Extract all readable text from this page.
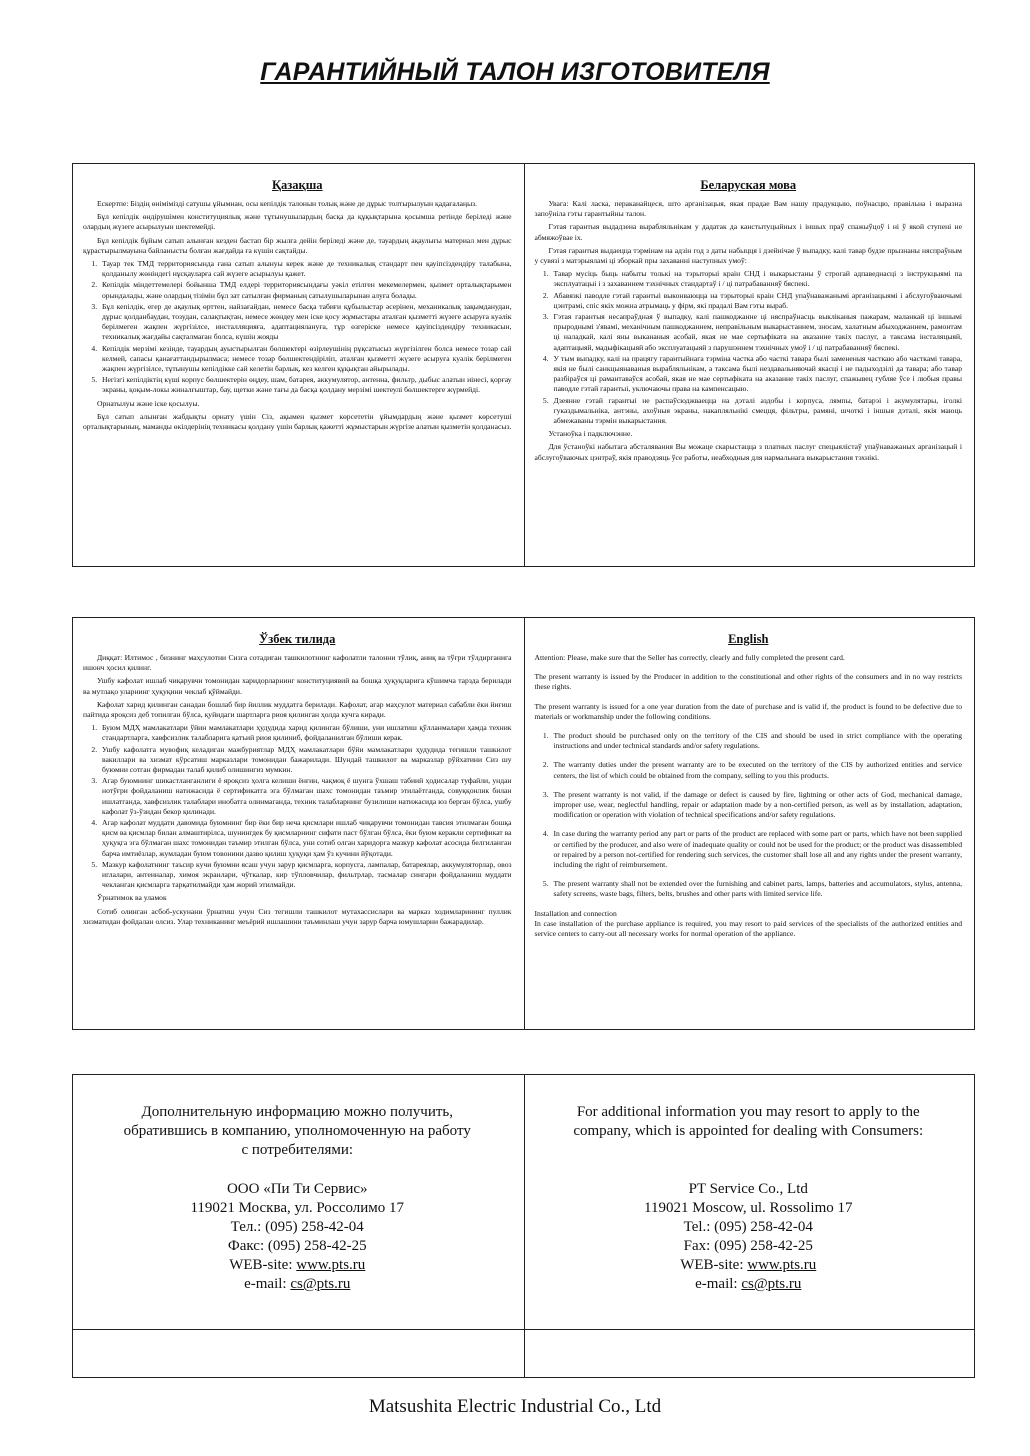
ГАРАНТИЙНЫЙ ТАЛОН ИЗГОТОВИТЕЛЯ
Қазақша

Ескертпе: Біздің өнімімізді сатушы ұйымнан, осы кепілдік талонын толық және де дұрыс толтырылуын қадағалаңыз.

Бұл кепілдік өндірушімен конституциялық және тұтынушылардың басқа да құқықтарына қосымша ретінде беріледі және олардың жүзеге асырылуын шектемейді.

Бұл кепілдік бұйым сатып алынған кезден бастап бір жылға дейін беріледі және де, тауардың ақаулығы материал мен дұрыс құрастырылмауына байланысты болған жағдайда ға күшін сақтайды.

1. Тауар тек ТМД территориясында ғана сатып алынуы керек және де техникалық стандарт пен қауіпсіздендіру талабына, қолданылу жөніндегі нұсқауларға сай жүзеге асырылуы қажет.
2. Кепілдік міндеттемелері бойынша ТМД елдері территориясындағы уәкіл етілген мекемелермен, қызмет орталықтарымен орындалады, және олардың тізімін бұл зат сатылған фирманың сатылушыларынан алуға болады.
3. Бұл кепілдік, егер де ақаулық өрттен, найзағайдан, немесе басқа табиғи құбылыстар әсерінен, механикалық зақымданудан, дұрыс қолданбаудан, тозудан, салақтықтан, немесе жөндеу мен іске қосу жұмыстары аталған қызметті жүзеге асыруға куәлік берілмеген жақпен жүргізілсе, инсталляцияға, адаптациялануға, тұр өзгеріске немесе қауіпсіздендіру техникасын, техникалық жағдайы сақталмаған болса, күшін жояды
4. Кепілдік мерзімі кезінде, тауардың ауыстырылған бөлшектері өзірлеушінің рұқсатысыз жүргізілген болса немесе тозар сай келмей, сапасы қанағаттандырылмаса; немесе тозар бөлшектендіріліп, аталған қызметті жүзеге асыруға куәлік берілмеген жақпен жүргізілсе, тұтынушы кепілдікке сай келетін барлық, кез келген құқықтан айырылады.
5. Негізгі кепілдіктің күші корпус бөлшектерін өңдеу, шам, батарея, аккумулятор, антенна, фильтр, дыбыс алатын иінесі, қорғау экраны, қоқым-локы жиналғыштар, бау, щетки және тағы да басқа қолдану мерзімі шектеулі бөлшектерге жүрмейді.

Орнатылуы және іске қосылуы.

Бұл сатып алынған жабдықты орнату үшін Сіз, ақымен қызмет көрсететін ұйымдардың және қызмет көрсетуші орталықтарының, маманды өкілдерінің техникасы қолдану үшін барлық қажетті жұмыстарын жүргізе алатын қызметін қолданасыз.

Беларуская мова

Увага: Калі ласка, пераканайцеся, што арганізацыя, якая прадае Вам нашу прадукцыю, поўнасцю, правільна і выразна запоўніла гэты гарантыйны талон.

Гэтая гарантыя выдадзена вырабляльнікам у дадатак да канстытуцыйных і іншых праў спажыўцоў і ні ў якой ступені не абмяжоўвае іх.

Гэтая гарантыя выдаецца тэрмінам на адзін год з даты набыцця і дзейнічае ў выпадку, калі тавар будзе прызнаны няспраўным у сувязі з матэрыяламі ці зборкай пры захаванні наступных умоў:

1. Тавар мусіць быць набыты толькі на тэрыторыі краін СНД і выкарыстаны ў строгай адпаведнасці з інструкцыямі па эксплуатацыі і з захаваннем тэхнічных стандартаў і / ці патрабаванняў бяспекі.
2. Абавязкі паводле гэтай гарантыі выконваюцца на тэрыторыі краін СНД упаўнаважанымі арганізацыямі і абслугоўваючымі цэнтрамі, спіс якіх можна атрымаць у фірм, якi прадалi Вам гэты выраб.
3. Гэтая гарантыя несапраўдная ў выпадку, калі пашкоджанне ці няспраўнасць выкліканыя пажарам, маланкай ці іншымі прыроднымі з'явамі, механічным пашкоджаннем, неправільным выкарыстаннем, зносам, халатным абыходжаннем, рамонтам ці наладкай, калі яны выкананыя асобай, якая не мае сертыфіката на аказанне такіх паслуг, а таксама інсталяцыяй, адаптацыяй, мадыфікацыяй або эксплуатацыяй з парушэннем тэхнічных умоў і / ці патрабаванняў бяспекі.
4. У тым выпадку, калі на працягу гарантыйнага тэрміна частка або часткі тавара былі замененыя часткаю або часткамі тавара, якія не былі санкцыянаваныя вырабляльнікам, а таксама былі нездавальняючай якасці і не падыходзілі да тавара; або тавар разбіраўся ці рамантаваўся асобай, якая не мае сертыфіката на аказанне такіх паслуг, спажывец губляе ўсе і любыя правы паводле гэтай гарантыі, уключаючы права на кампенсацыю.
5. Дзеянне гэтай гарантыі не распаўсюджваецца на дэталі аздобы і корпуса, лямпы, батарэі і акумулятары, іголкі гуказдымальніка, антэны, ахоўныя экраны, накапляльнікі смецця, фільтры, рамяні, шчоткі і іншыя дэталі, якія маюць абмежаваны тэрмін выкарыстання.

Устаноўка і падключэнне.

Для ўстаноўкі набытага абсталявання Вы можаце скарыстацца з платных паслуг спецыялістаў упаўнаважаных арганізацый і абслугоўваючых цэнтраў, якія праводзяць ўсе работы, неабходныя для нармальнага выкарыстання тэхнікі.

Ўзбек тилида

Диққат: Илтимос , бизнинг маҳсулотни Сизга сотадиган ташкилотнинг кафолатли талонни тўлиқ, аниқ ва тўғри тўлдирганига ишонч ҳосил қилинг.

Ушбу кафолат ишлаб чиқарувчи томонидан харидорларнинг конституциявий ва бошқа ҳуқуқларига кўшимча тарзда берилади ва мутлақо уларнинг ҳуқуқини чеклаб қўймайди.

Кафолат харид қилинган санадан бошлаб бир йиллик муддатга берилади. Кафолат, агар маҳсулот материал сабабли ёки йиғиш пайтида яроқсиз деб топилган бўлса, қуйидаги шартларга риоя қилинган ҳолда кучга киради.

1. Буюм МДҲ мамлакатлари ўйин мамлакатлари ҳудудида харид қилинган бўлиши, уни ишлатиш қўлланмалари ҳамда техник стандартларга, хавфсизлик талабларига қатъий риоя қилиниб, фойдаланилган бўлиши керак.
2. Ушбу кафолатга мувофиқ келадиган мажбуриятлар МДҲ мамлакатлари бўйи мамлакатлари ҳудудида тегишли ташкилот вакиллари ва хизмат кўрсатиш марказлари томонидан бажарилади. Шундай ташкилот ва марказлар рўйхатини Сиз шу буюмни сотган фирмадан талаб қилиб олишингиз мумкин.
3. Агар буюмнинг шикастланганлиги ё яроқсиз ҳолга келиши ёнғин, чақмоқ ё шунга ўхшаш табиий ҳодисалар туфайли, ундан нотўғри фойдаланиш натижасида ё сертификатга эга бўлмаган шахс томонидан таъмир этилаётганда, совуққонлик билан ишлатганда, хавфсизлик талаблари инобатга олинмаганда, техник талабларнинг бузилиши натижасида юз берган бўлса, ушбу кафолат ўз-ўзидан бекор қилинади.
4. Агар кафолат муддати давомида буюмнинг бир ёки бир неча қисмлари ишлаб чиқарувчи томонидан тавсия этилмаган бошқа қисм ва қисмлар билан алмаштирілса, шунингдек бу қисмларнинг сифати паст бўлган бўлса, ёки буюм керакли сертификат ва ҳуқуқга эга бўлмаган шахс томонидан таъмир этилган бўлса, уни сотиб олган харидорга мазкур кафолат асосида белгиланган барча имтиёзлар, жумладан буюм товонини дазво қилиш ҳуқуқи ҳам ўз кучини йўқотади.
5. Мазкур кафолатнинг таъсир кучи буюмни ясаш учун зарур қисмларга, корпусга, лампалар, батареялар, аккумуляторлар, овоз иглалари, антенналар, химоя экранлари, чўткалар, кир тўпловчилар, фильтрлар, тасмалар сингари фойдаланиш муддати чекланган қисмларга тарқатилмайди ҳам жорий этилмайди.

Ўрнатимок ва уламок

Сотиб олинган асбоб-ускунани ўрнатиш учун Сиз тегишли ташкилот мутахассислари ва марказ ходимларининг пуллик хизматидан фойдалан олсиз. Улар техниканинг меъёрий ишлашини таъминлаш учун зарур барча юмушларни бажарадилар.

English

Attention: Please, make sure that the Seller has correctly, clearly and fully completed the present card.

The present warranty is issued by the Producer in addition to the constitutional and other rights of the consumers and in no way restricts these rights.

The present warranty is issued for a one year duration from the date of purchase and is valid if, the product is found to be defective due to materials or workmanship under the following conditions.

1. The product should be purchased only on the territory of the CIS and should be used in strict compliance with the operating instructions and under technical standards and/or safety regulations.
2. The warranty duties under the present warranty are to be executed on the territory of the CIS by authorized entities and service centers, the list of which could be obtained from the company, selling to you this products.
3. The present warranty is not valid, if the damage or defect is caused by fire, lightning or other acts of God, mechanical damage, improper use, wear, neglectful handling, repair or adaptation made by a non-certified person, as well as by installation, adaptation, modification or operation with violation of technical specifications and/or safety regulations.
4. In case during the warranty period any part or parts of the product are replaced with some part or parts, which have not been supplied or certified by the producer, and also were of inadequate quality or could not be used for the product; or the product was disassembled or repaired by a person not-certified for rendering such services, the customer shall lose all and any rights under the present warranty, including the right of reimbursement.
5. The present warranty shall not be extended over the furnishing and cabinet parts, lamps, batteries and accumulators, stylus, antenna, safety screens, waste bags, filters, belts, brushes and other parts with limited service life.

Installation and connection

In case installation of the purchase appliance is required, you may resort to paid services of the specialists of the authorized entities and service centers to carry-out all necessary works for normal operation of the appliance.

Дополнительную информацию можно получить,
обратившись в компанию, уполномоченную на работу
с потребителями:
ООО «Пи Ти Сервис»
119021 Москва, ул. Россолимо 17
Тел.: (095) 258-42-04
Факс: (095) 258-42-25
WEB-site: www.pts.ru
e-mail: cs@pts.ru
For additional information you may resort to apply to the
company, which is appointed for dealing with Consumers:
PT Service Co., Ltd
119021 Moscow, ul. Rossolimo 17
Tel.: (095) 258-42-04
Fax: (095) 258-42-25
WEB-site: www.pts.ru
e-mail: cs@pts.ru
Matsushita Electric Industrial Co., Ltd
